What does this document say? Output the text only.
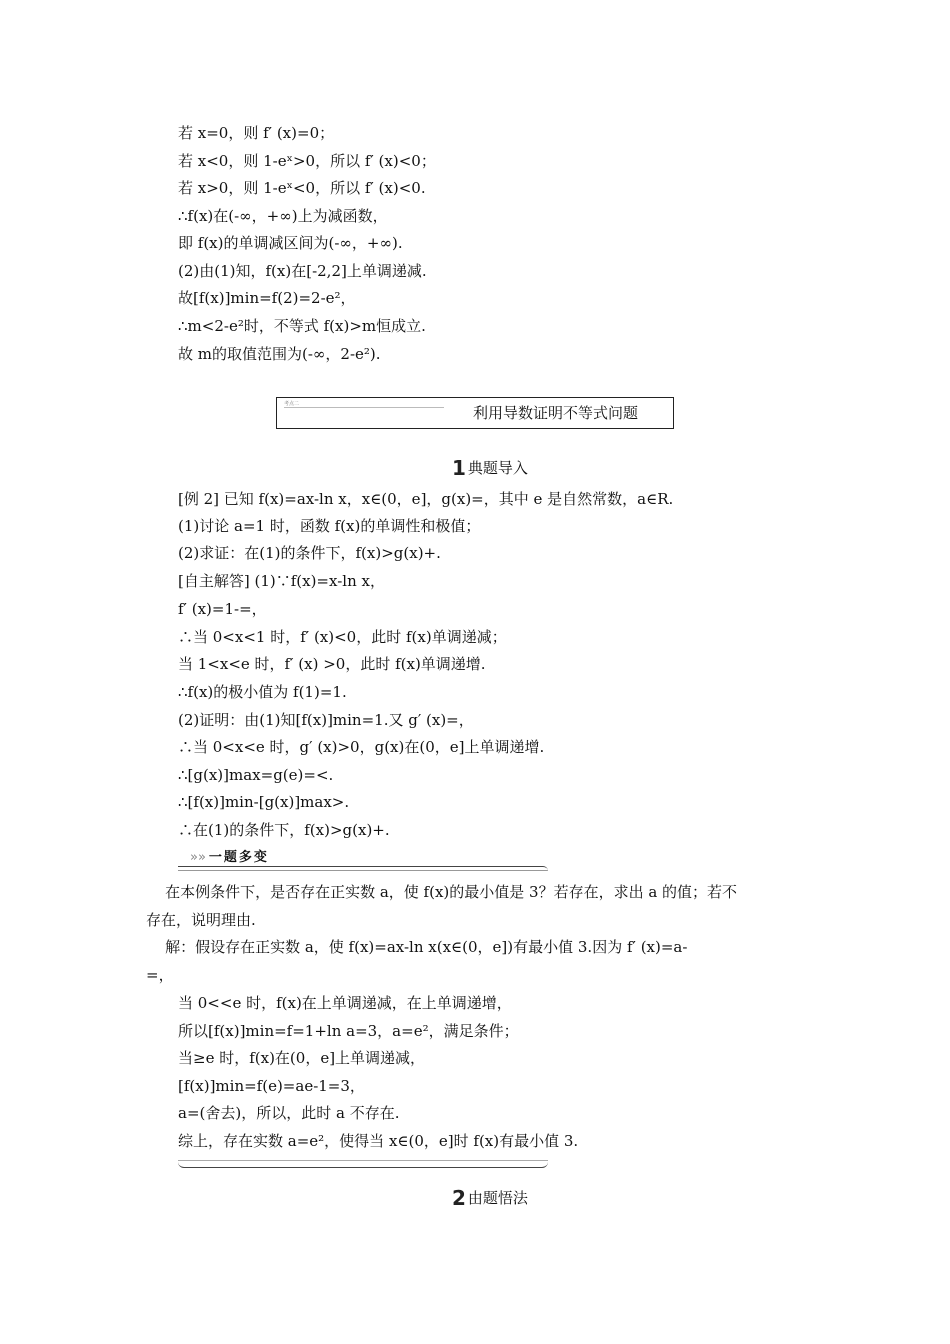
若 x=0，则 f′ (x)=0；
若 x<0，则 1-eˣ>0，所以 f′ (x)<0；
若 x>0，则 1-eˣ<0，所以 f′ (x)<0.
∴f(x)在(-∞，+∞)上为减函数，
即 f(x)的单调减区间为(-∞，+∞).
(2)由(1)知，f(x)在[-2,2]上单调递减.
故[f(x)]min=f(2)=2-e²，
∴m<2-e²时，不等式 f(x)>m恒成立.
故 m的取值范围为(-∞，2-e²).
考点二	利用导数证明不等式问题
1 典题导入
[例 2] 已知 f(x)=ax-ln x，x∈(0，e]，g(x)=，其中 e 是自然常数，a∈R.
(1)讨论 a=1 时，函数 f(x)的单调性和极值；
(2)求证：在(1)的条件下，f(x)>g(x)+.
[自主解答] (1)∵f(x)=x-ln x，
f′ (x)=1-=，
∴当 0<x<1 时，f′ (x)<0，此时 f(x)单调递减；
当 1<x<e 时，f′ (x) >0，此时 f(x)单调递增.
∴f(x)的极小值为 f(1)=1.
(2)证明：由(1)知[f(x)]min=1.又 g′ (x)=，
∴当 0<x<e 时，g′ (x)>0，g(x)在(0，e]上单调递增.
∴[g(x)]max=g(e)=<.
∴[f(x)]min-[g(x)]max>.
∴在(1)的条件下，f(x)>g(x)+.
»» 一题多变
在本例条件下，是否存在正实数 a，使 f(x)的最小值是 3？若存在，求出 a 的值；若不
存在，说明理由.
解：假设存在正实数 a，使 f(x)=ax-ln x(x∈(0，e])有最小值 3.因为 f′ (x)=a-
=，
当 0<<e 时，f(x)在上单调递减，在上单调递增，
所以[f(x)]min=f=1+ln a=3，a=e²，满足条件；
当≥e 时，f(x)在(0，e]上单调递减，
[f(x)]min=f(e)=ae-1=3，
a=(舍去)，所以，此时 a 不存在.
综上，存在实数 a=e²，使得当 x∈(0，e]时 f(x)有最小值 3.
2 由题悟法
